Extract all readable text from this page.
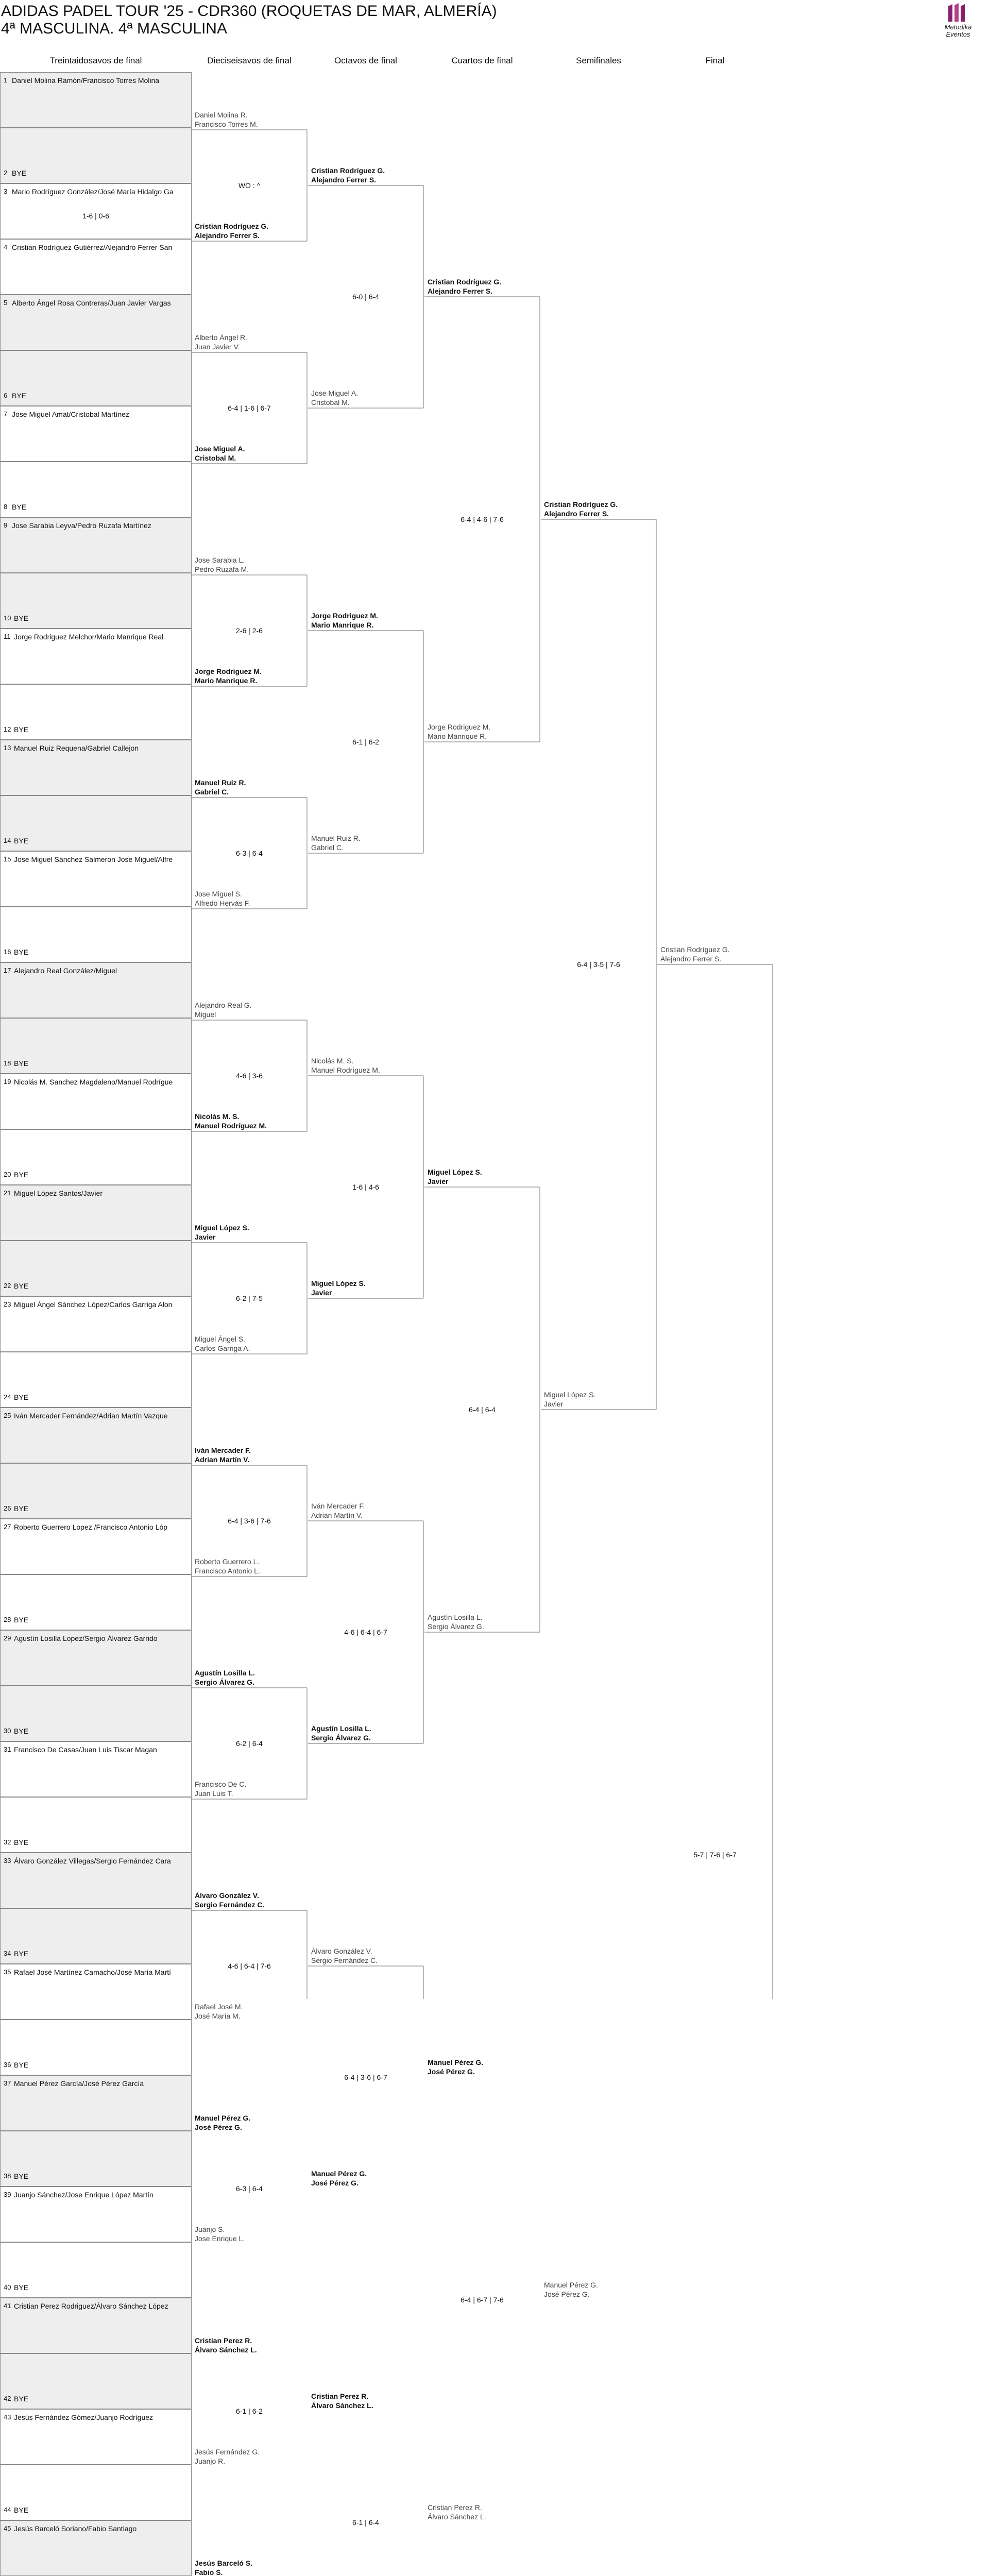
ADIDAS PADEL TOUR '25 - CDR360 (ROQUETAS DE MAR, ALMERÍA)
4ª MASCULINA. 4ª MASCULINA	Metodika
Eventos
Treintaidosavos de final	Dieciseisavos de final	Octavos de final	Cuartos de final	Semifinales	Final
1 Daniel Molina Ramón/Francisco Torres Molina
2 BYE
3 Mario Rodríguez González/José María Hidalgo Ga
4 Cristian Rodríguez Gutiérrez/Alejandro Ferrer San
5 Alberto Ángel Rosa Contreras/Juan Javier Vargas
6 BYE
7 Jose Miguel Amat/Cristobal Martínez
8 BYE
9 Jose Sarabia Leyva/Pedro Ruzafa Martínez
10 BYE
11 Jorge Rodriguez Melchor/Mario Manrique Real
12 BYE
13 Manuel Ruiz Requena/Gabriel Callejon
14 BYE
15 Jose Miguel Sánchez Salmeron Jose Miguel/Alfre
16 BYE
17 Alejandro Real González/Miguel
18 BYE
19 Nicolás M. Sanchez Magdaleno/Manuel Rodrígue
20 BYE
21 Miguel López Santos/Javier
22 BYE
23 Miguel Ángel Sánchez López/Carlos Garriga Alon
24 BYE
25 Iván Mercader Fernández/Adrian Martín Vazque
26 BYE
27 Roberto Guerrero Lopez /Francisco Antonio Lóp
28 BYE
29 Agustín Losilla Lopez/Sergio Álvarez Garrido
30 BYE
31 Francisco De Casas/Juan Luis Tiscar Magan
32 BYE
33 Álvaro González Villegas/Sergio Fernández Cara
34 BYE
35 Rafael José Martínez Camacho/José María Martí
36 BYE
37 Manuel Pérez García/José Pérez García
38 BYE
39 Juanjo Sánchez/Jose Enrique López Martín
40 BYE
41 Cristian Perez Rodriguez/Álvaro Sánchez López
42 BYE
43 Jesús Fernández Gómez/Juanjo Rodríguez
44 BYE
45 Jesús Barceló Soriano/Fabio Santiago
1-6 | 0-6
Daniel Molina R.
Francisco Torres M.
Cristian Rodríguez G.
Alejandro Ferrer S.
WO : ^
Alberto Ángel R.
Juan Javier V.
Jose Miguel A.
Cristobal M.
6-4 | 1-6 | 6-7
Jose Sarabia L.
Pedro Ruzafa M.
Jorge Rodriguez M.
Mario Manrique R.
2-6 | 2-6
Manuel Ruiz R.
Gabriel C.
Jose Miguel S.
Alfredo Hervás F.
6-3 | 6-4
Alejandro Real G.
Miguel
Nicolás M. S.
Manuel Rodríguez M.
4-6 | 3-6
Miguel López S.
Javier
Miguel Ángel S.
Carlos Garriga A.
6-2 | 7-5
Iván Mercader F.
Adrian Martín V.
Roberto Guerrero L.
Francisco Antonio L.
6-4 | 3-6 | 7-6
Agustín Losilla L.
Sergio Álvarez G.
Francisco De C.
Juan Luis T.
6-2 | 6-4
Álvaro González V.
Sergio Fernández C.
Rafael José M.
José María M.
4-6 | 6-4 | 7-6
Manuel Pérez G.
José Pérez G.
Juanjo S.
Jose Enrique L.
6-3 | 6-4
Cristian Perez R.
Álvaro Sánchez L.
Jesús Fernández G.
Juanjo R.
6-1 | 6-2
Jesús Barceló S.
Fabio S.
Cristian Rodríguez G.
Alejandro Ferrer S.
Jose Miguel A.
Cristobal M.
6-0 | 6-4
Jorge Rodriguez M.
Mario Manrique R.
Manuel Ruiz R.
Gabriel C.
6-1 | 6-2
Nicolás M. S.
Manuel Rodríguez M.
Miguel López S.
Javier
1-6 | 4-6
Iván Mercader F.
Adrian Martín V.
Agustín Losilla L.
Sergio Álvarez G.
4-6 | 6-4 | 6-7
Álvaro González V.
Sergio Fernández C.
Manuel Pérez G.
José Pérez G.
6-4 | 3-6 | 6-7
Cristian Perez R.
Álvaro Sánchez L.
6-1 | 6-4
Cristian Rodríguez G.
Alejandro Ferrer S.
Jorge Rodriguez M.
Mario Manrique R.
6-4 | 4-6 | 7-6
Miguel López S.
Javier
Agustín Losilla L.
Sergio Álvarez G.
6-4 | 6-4
Manuel Pérez G.
José Pérez G.
Cristian Perez R.
Álvaro Sánchez L.
6-4 | 6-7 | 7-6
Cristian Rodríguez G.
Alejandro Ferrer S.
Miguel López S.
Javier
6-4 | 3-5 | 7-6
Manuel Pérez G.
José Pérez G.
Cristian Rodríguez G.
Alejandro Ferrer S.
5-7 | 7-6 | 6-7
